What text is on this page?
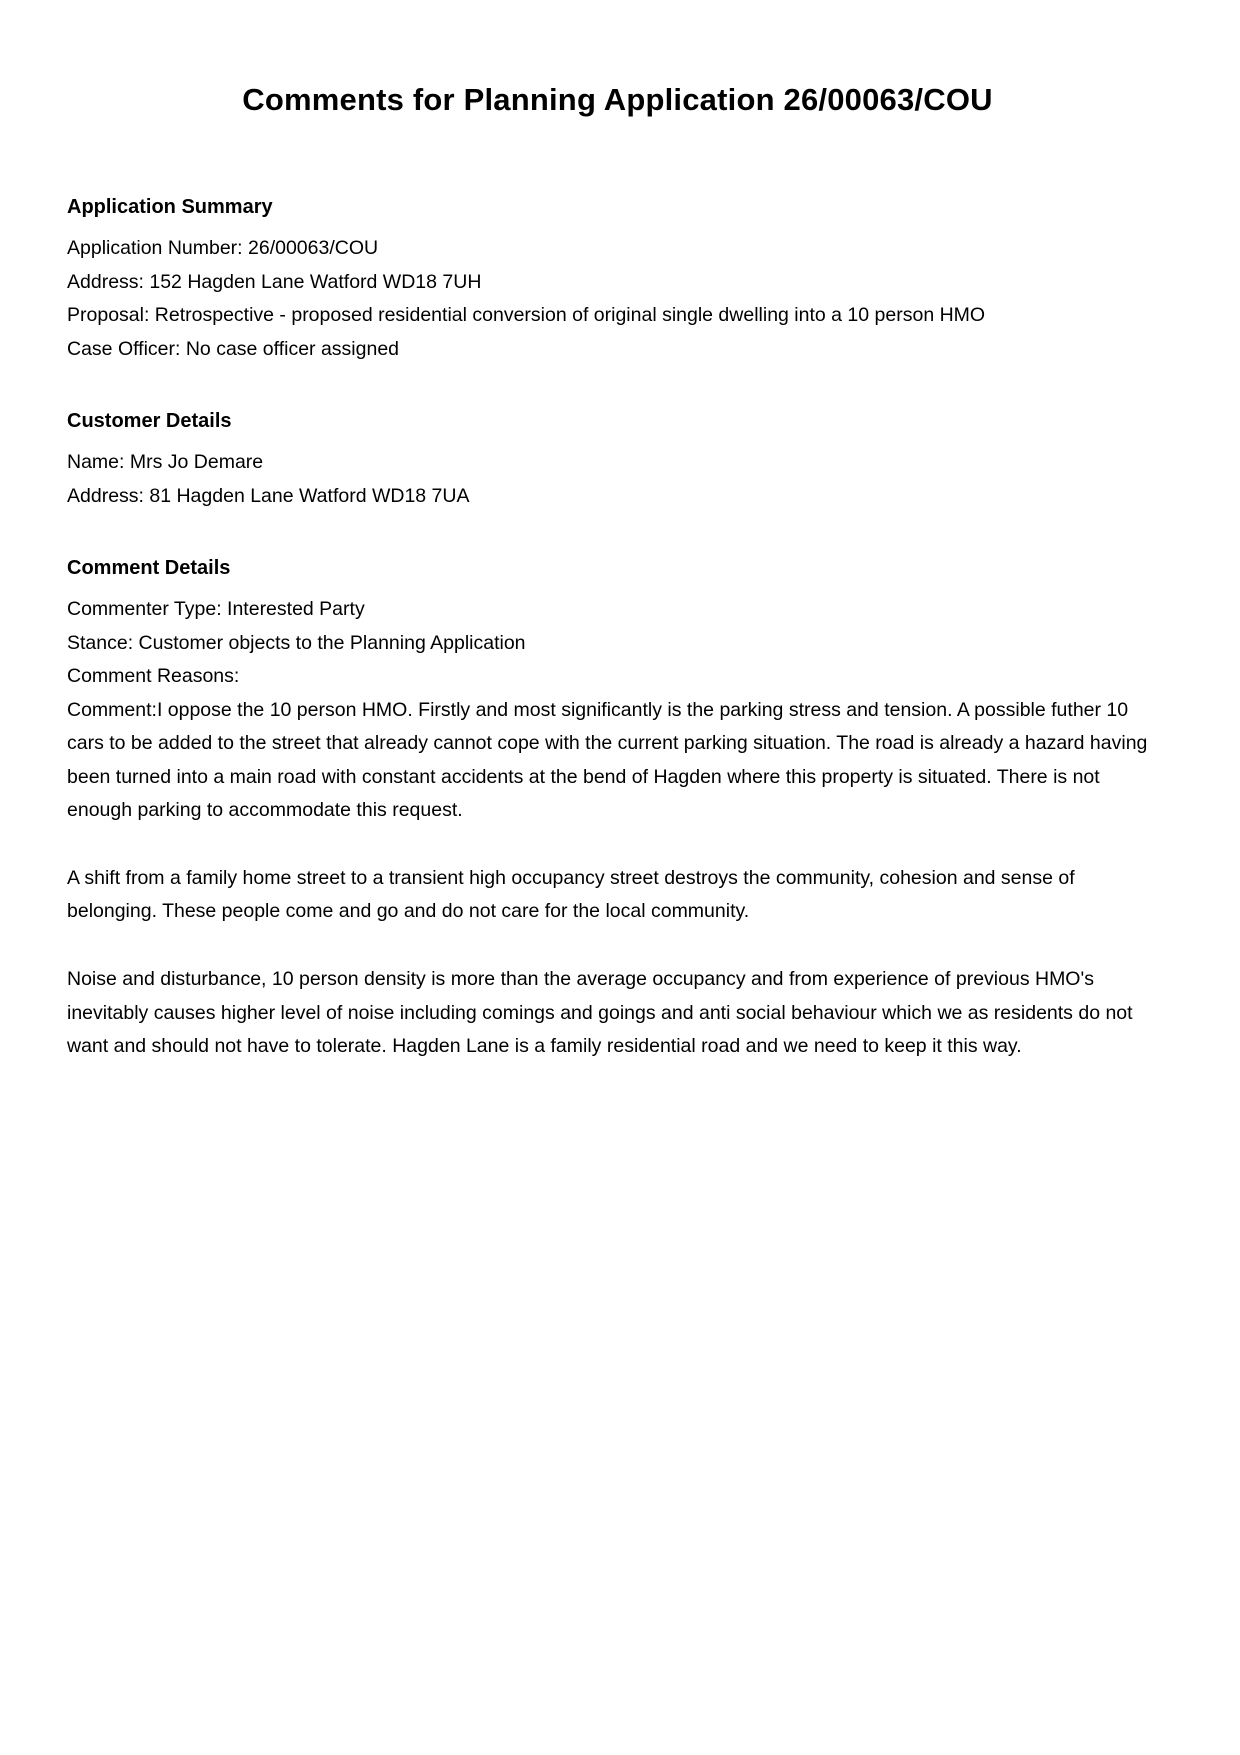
Comments for Planning Application 26/00063/COU
Application Summary

Application Number: 26/00063/COU

Address: 152 Hagden Lane Watford WD18 7UH

Proposal: Retrospective - proposed residential conversion of original single dwelling into a 10 person HMO

Case Officer: No case officer assigned

Customer Details

Name: Mrs Jo Demare

Address: 81 Hagden Lane Watford WD18 7UA

Comment Details

Commenter Type: Interested Party

Stance: Customer objects to the Planning Application

Comment Reasons:

Comment:I oppose the 10 person HMO. Firstly and most significantly is the parking stress and tension. A possible futher 10 cars to be added to the street that already cannot cope with the current parking situation. The road is already a hazard having been turned into a main road with constant accidents at the bend of Hagden where this property is situated. There is not enough parking to accommodate this request.

A shift from a family home street to a transient high occupancy street destroys the community, cohesion and sense of belonging. These people come and go and do not care for the local community.

Noise and disturbance, 10 person density is more than the average occupancy and from experience of previous HMO's inevitably causes higher level of noise including comings and goings and anti social behaviour which we as residents do not want and should not have to tolerate. Hagden Lane is a family residential road and we need to keep it this way.
